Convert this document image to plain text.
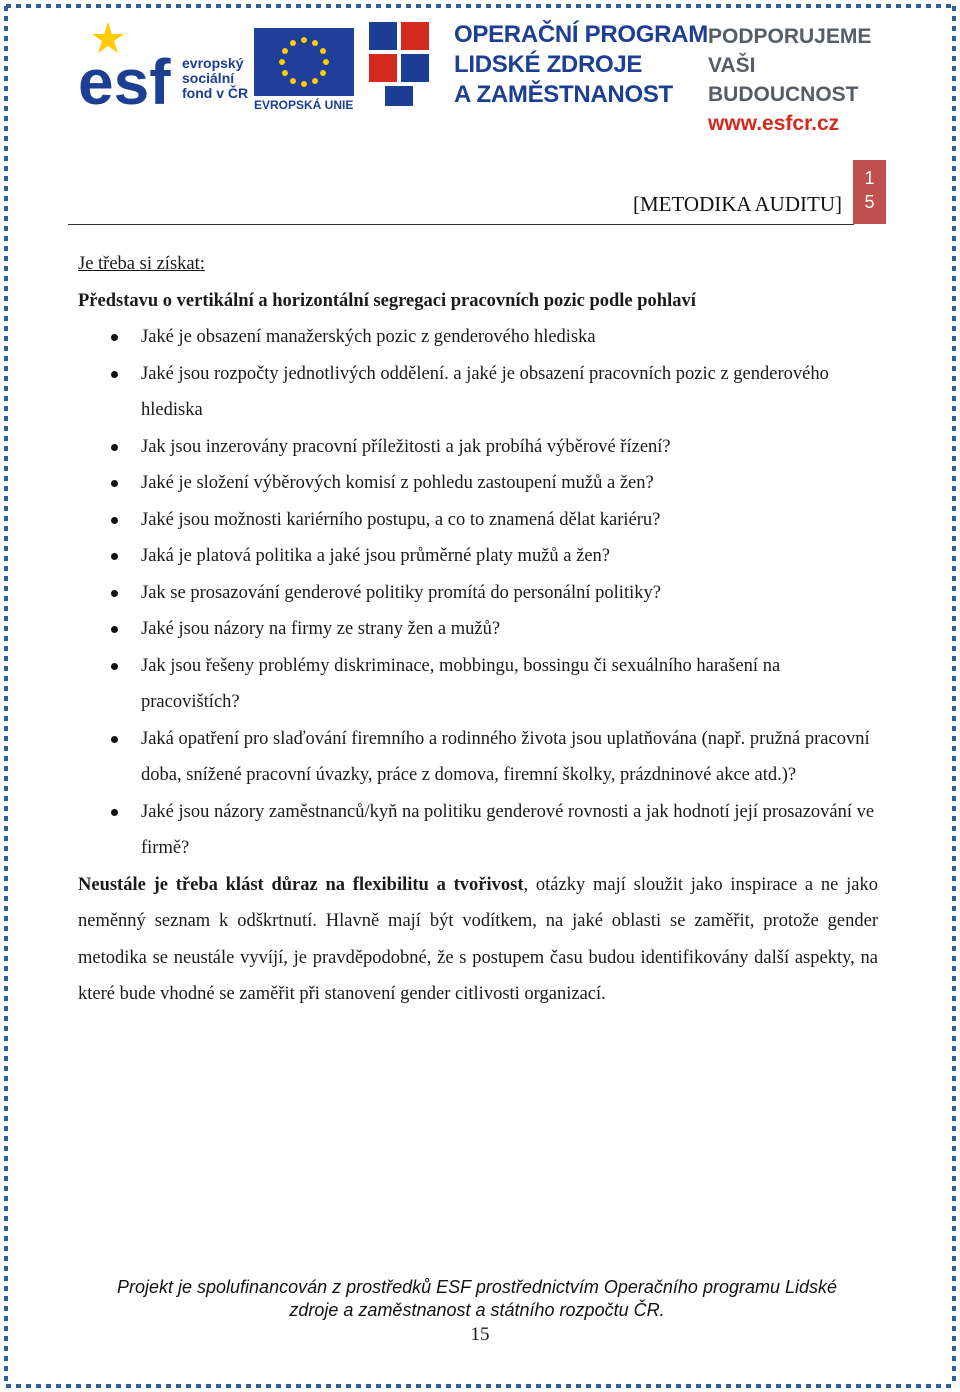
esf evropský
sociální
fond v ČR
EVROPSKÁ UNIE
OPERAČNÍ PROGRAM
LIDSKÉ ZDROJE
A ZAMĚSTNANOST
PODPORUJEME
VAŠI BUDOUCNOST
www.esfcr.cz
[METODIKA AUDITU]
1
5

Je třeba si získat:

Představu o vertikální a horizontální segregaci pracovních pozic podle pohlaví

Jaké je obsazení manažerských pozic z genderového hlediska
Jaké jsou rozpočty jednotlivých oddělení. a jaké je obsazení pracovních pozic z genderového hlediska
Jak jsou inzerovány pracovní příležitosti a jak probíhá výběrové řízení?
Jaké je složení výběrových komisí z pohledu zastoupení mužů a žen?
Jaké jsou možnosti kariérního postupu, a co to znamená dělat kariéru?
Jaká je platová politika a jaké jsou průměrné platy mužů a žen?
Jak se prosazování genderové politiky promítá do personální politiky?
Jaké jsou názory na firmy ze strany žen a mužů?
Jak jsou řešeny problémy diskriminace, mobbingu, bossingu či sexuálního harašení na pracovištích?
Jaká opatření pro slaďování firemního a rodinného života jsou uplatňována (např. pružná pracovní doba, snížené pracovní úvazky, práce z domova, firemní školky, prázdninové akce atd.)?
Jaké jsou názory zaměstnanců/kyň na politiku genderové rovnosti a jak hodnotí její prosazování ve firmě?

Neustále je třeba klást důraz na flexibilitu a tvořivost, otázky mají sloužit jako inspirace a ne jako neměnný seznam k odškrtnutí. Hlavně mají být vodítkem, na jaké oblasti se zaměřit, protože gender metodika se neustále vyvíjí, je pravděpodobné, že s postupem času budou identifikovány další aspekty, na které bude vhodné se zaměřit při stanovení gender citlivosti organizací.

Projekt je spolufinancován z prostředků ESF prostřednictvím Operačního programu Lidské
zdroje a zaměstnanost a státního rozpočtu ČR.
15
